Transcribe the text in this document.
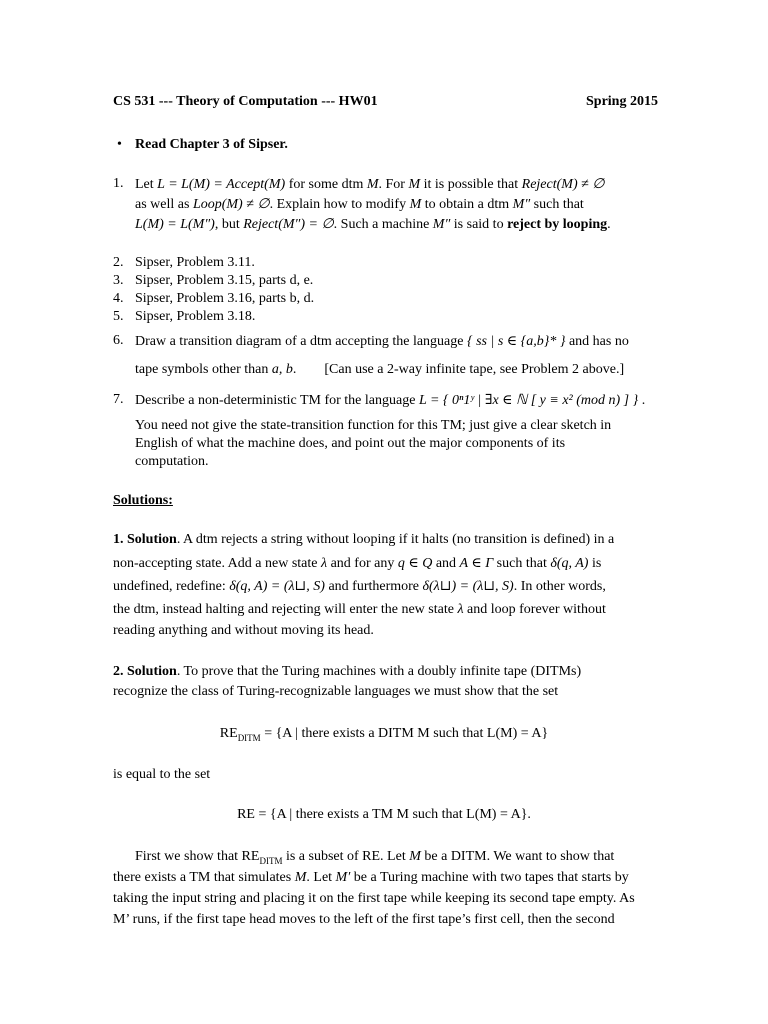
CS 531 --- Theory of Computation --- HW01	Spring 2015
• Read Chapter 3 of Sipser.
1. Let L = L(M) = Accept(M) for some dtm M. For M it is possible that Reject(M) ≠ ∅
as well as Loop(M) ≠ ∅. Explain how to modify M to obtain a dtm M″ such that
L(M) = L(M″), but Reject(M″) = ∅. Such a machine M″ is said to reject by looping.
2. Sipser, Problem 3.11.
3. Sipser, Problem 3.15, parts d, e.
4. Sipser, Problem 3.16, parts b, d.
5. Sipser, Problem 3.18.
6. Draw a transition diagram of a dtm accepting the language { ss | s ∈ {a,b}* } and has no
tape symbols other than a, b. [Can use a 2-way infinite tape, see Problem 2 above.]
7. Describe a non-deterministic TM for the language L = { 0ⁿ1ʸ | ∃x ∈ ℕ [ y ≡ x² (mod n) ] } .
You need not give the state-transition function for this TM; just give a clear sketch in
English of what the machine does, and point out the major components of its
computation.
Solutions:
1. Solution. A dtm rejects a string without looping if it halts (no transition is defined) in a
non-accepting state. Add a new state λ and for any q ∈ Q and A ∈ Γ such that δ(q, A) is
undefined, redefine: δ(q, A) = (λ⊔, S) and furthermore δ(λ⊔) = (λ⊔, S). In other words,
the dtm, instead halting and rejecting will enter the new state λ and loop forever without
reading anything and without moving its head.
2. Solution. To prove that the Turing machines with a doubly infinite tape (DITMs)
recognize the class of Turing-recognizable languages we must show that the set
$RE_{DITM} = \{A$ | there exists a DITM M such that L(M) = A}
is equal to the set
RE = {A | there exists a TM M such that L(M) = A}.
First we show that $RE_{DITM}$ is a subset of RE. Let M be a DITM. We want to show that
there exists a TM that simulates M. Let M′ be a Turing machine with two tapes that starts by
taking the input string and placing it on the first tape while keeping its second tape empty. As
M’ runs, if the first tape head moves to the left of the first tape’s first cell, then the second
